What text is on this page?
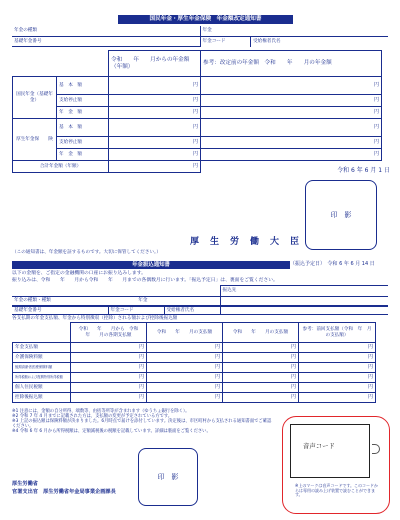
国民年金・厚生年金保険　年金額改定通知書
年金の種類	年金
基礎年金番号		年金コード	受給権者氏名
		令和　　年　　月からの年金額（年額）	参考：改定前の年金額　令和　　年　　月の年金額
国民年金（基礎年金）	基　本　額	円	円
	支給停止額	円	円
	年　金　額	円	円
厚生年金保　　険	基　本　額	円	円
	支給停止額	円	円
	年　金　額	円	円
合計年金額（年額）		円	
令和 6 年 6 月 1 日
印　影
厚　生　労　働　大　臣
（この通知書は、年金額を証するものです。大切に保管してください。）
年金振込通知書	（振込予定日）　令和 6 年 6 月 14 日
以下の金額を、ご指定の金融機関の口座にお振り込みします。
振り込みは、令和　　年　　月から令和　　年　　月までの各偶数月に行います。「振込予定日」は、裏面をご覧ください。
	振込先
年金の種類・種類	年金	

基礎年金番号	年金コード	受給権者氏名	
各支払期の年金支払額、年金から特別徴収（控除）される額および控除後振込額
	令和　　年　　月から　令和　　年　　月の各期支払額	令和　　年　　月の支払額	令和　　年　　月の支払額	参考：前回支払額（令和　年　月の支払額）
年金支払額	円	円	円	円
介護保険料額	円	円	円	円
後期高齢者医療保険料額	円	円	円	円
所得税額および復興特別所得税額	円	円	円	円
個人住民税額	円	円	円	円
控除後振込額	円	円	円	円
※1 注意には、金額の自分所得、端数等、由括等所等が含まれます（ゆうちょ銀行を除く）。
※2 令和 7 年 4 月までに記載された方は、支払額の変更が予定されている方です。
※3 上記の振込額は保険料額が決まりました。6月時点で届けを添付しています。決定後は、市区町村から支払される通知書面でご確認ください。
※4 令和 6 年 6 月から所得税額は、定額減税後の税額を記載しています。詳細は裏面をご覧ください。
厚生労働省
官署支出官　厚生労働省年金局事業企画課長
印　影
音声コード
※上のマークは音声コードです。このコードからは専用の読み上げ装置で読むことができます。
